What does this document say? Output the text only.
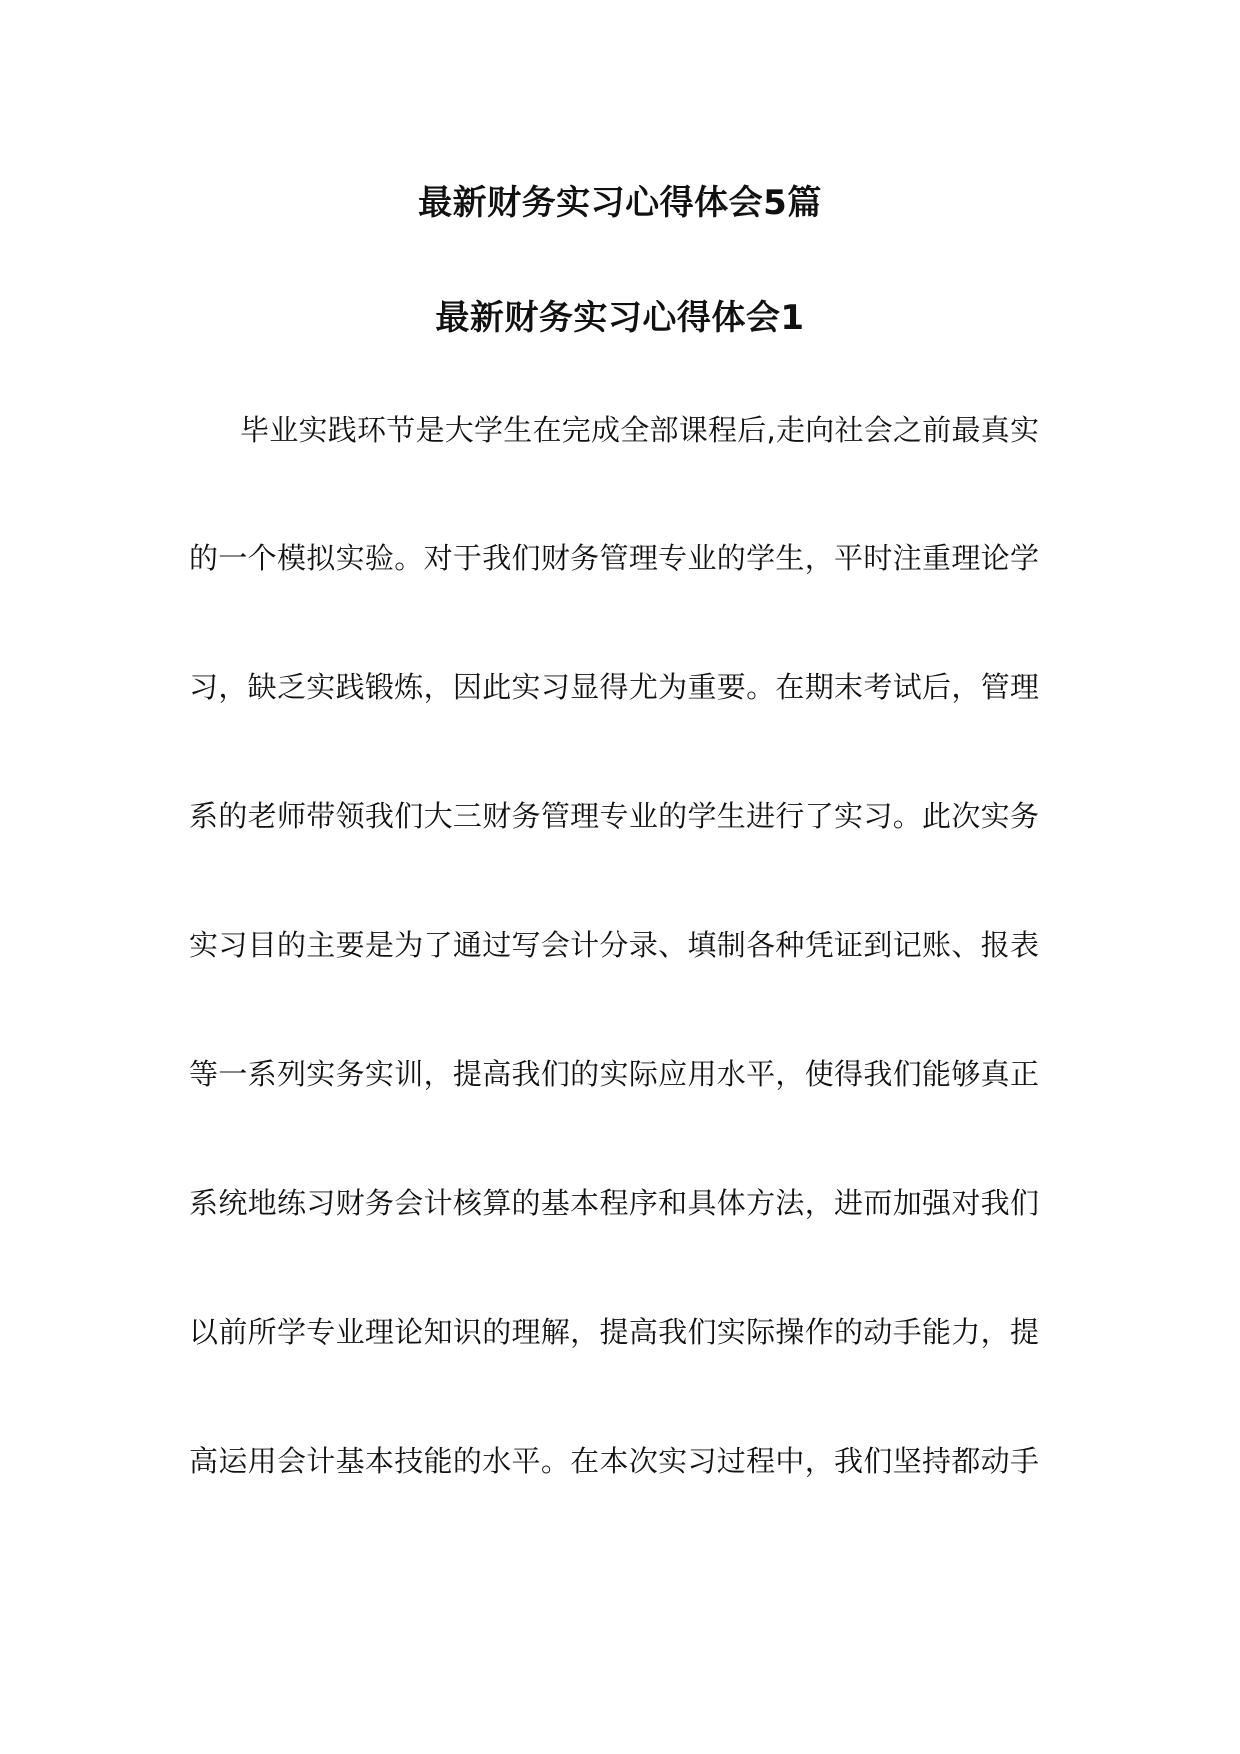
最新财务实习心得体会5篇
最新财务实习心得体会1

毕业实践环节是大学生在完成全部课程后,走向社会之前最真实

的一个模拟实验。对于我们财务管理专业的学生，平时注重理论学

习，缺乏实践锻炼，因此实习显得尤为重要。在期末考试后，管理

系的老师带领我们大三财务管理专业的学生进行了实习。此次实务

实习目的主要是为了通过写会计分录、填制各种凭证到记账、报表

等一系列实务实训，提高我们的实际应用水平，使得我们能够真正

系统地练习财务会计核算的基本程序和具体方法，进而加强对我们

以前所学专业理论知识的理解，提高我们实际操作的动手能力，提

高运用会计基本技能的水平。在本次实习过程中，我们坚持都动手
